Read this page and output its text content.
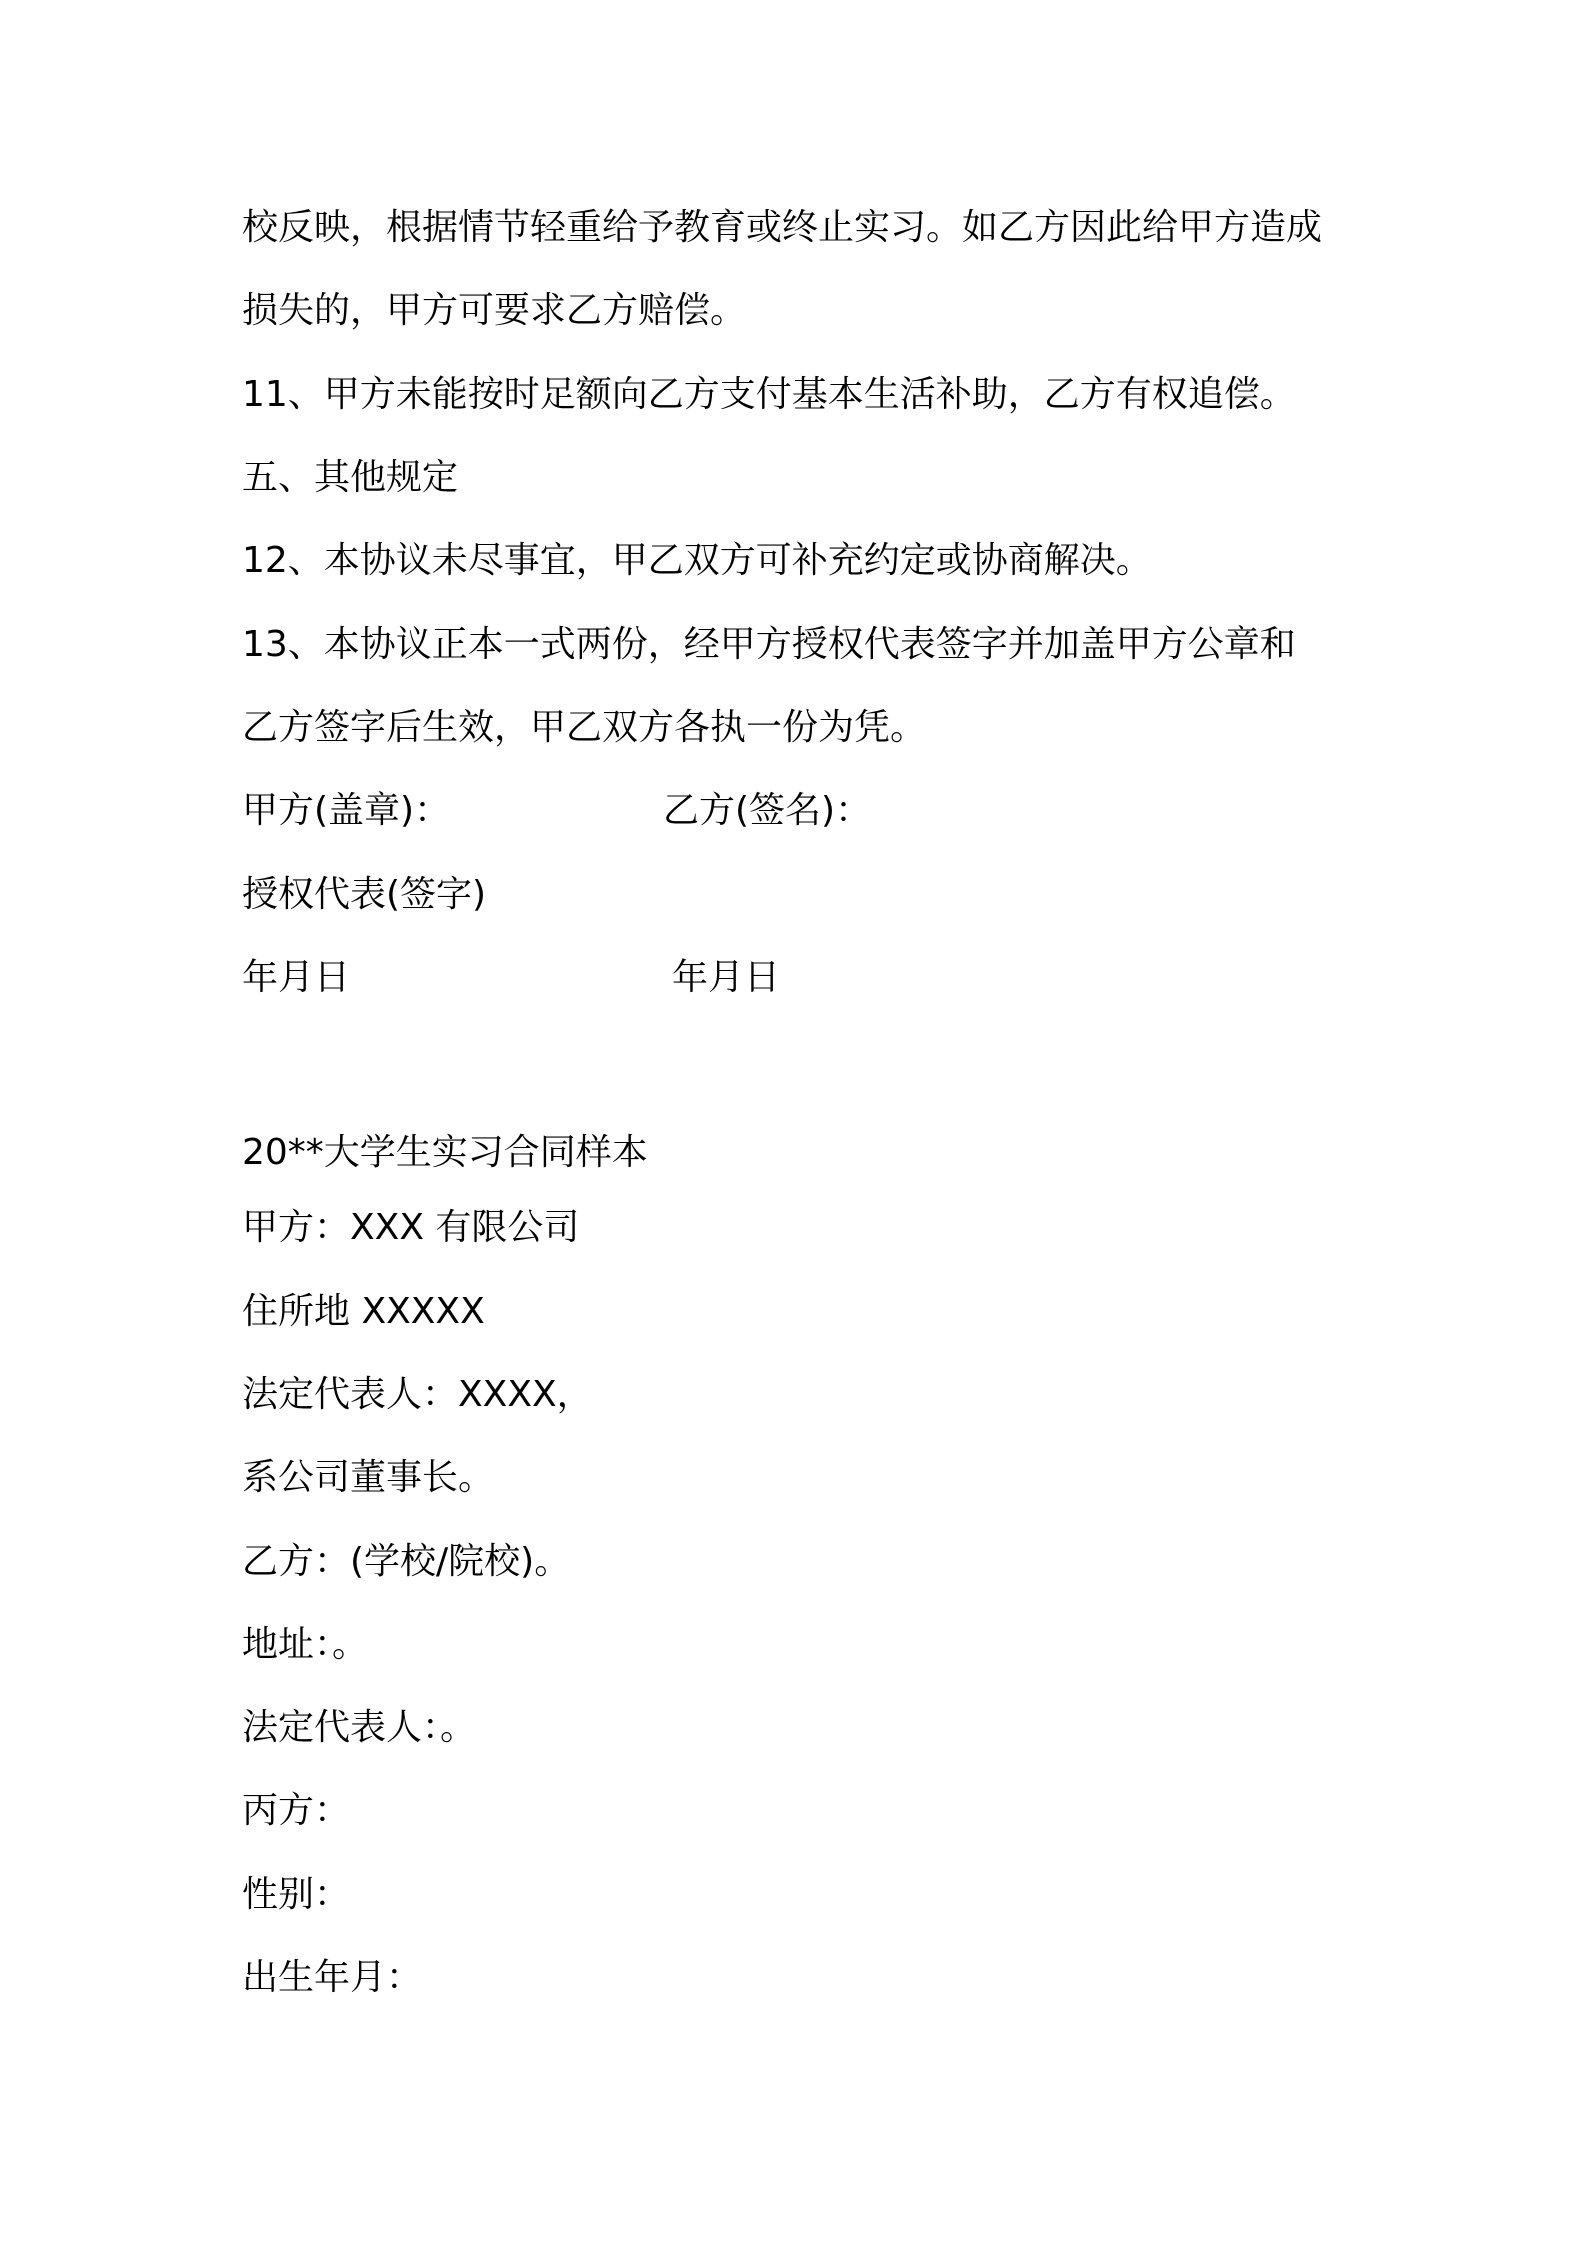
校反映，根据情节轻重给予教育或终止实习。如乙方因此给甲方造成
损失的，甲方可要求乙方赔偿。
11、甲方未能按时足额向乙方支付基本生活补助，乙方有权追偿。
五、其他规定
12、本协议未尽事宜，甲乙双方可补充约定或协商解决。
13、本协议正本一式两份，经甲方授权代表签字并加盖甲方公章和
乙方签字后生效，甲乙双方各执一份为凭。
甲方(盖章)：	乙方(签名)：
授权代表(签字)
年月日	年月日
20**大学生实习合同样本
甲方：XXX 有限公司
住所地 XXXXX
法定代表人：XXXX，
系公司董事长。
乙方：(学校/院校)。
地址：。
法定代表人：。
丙方：
性别：
出生年月：
